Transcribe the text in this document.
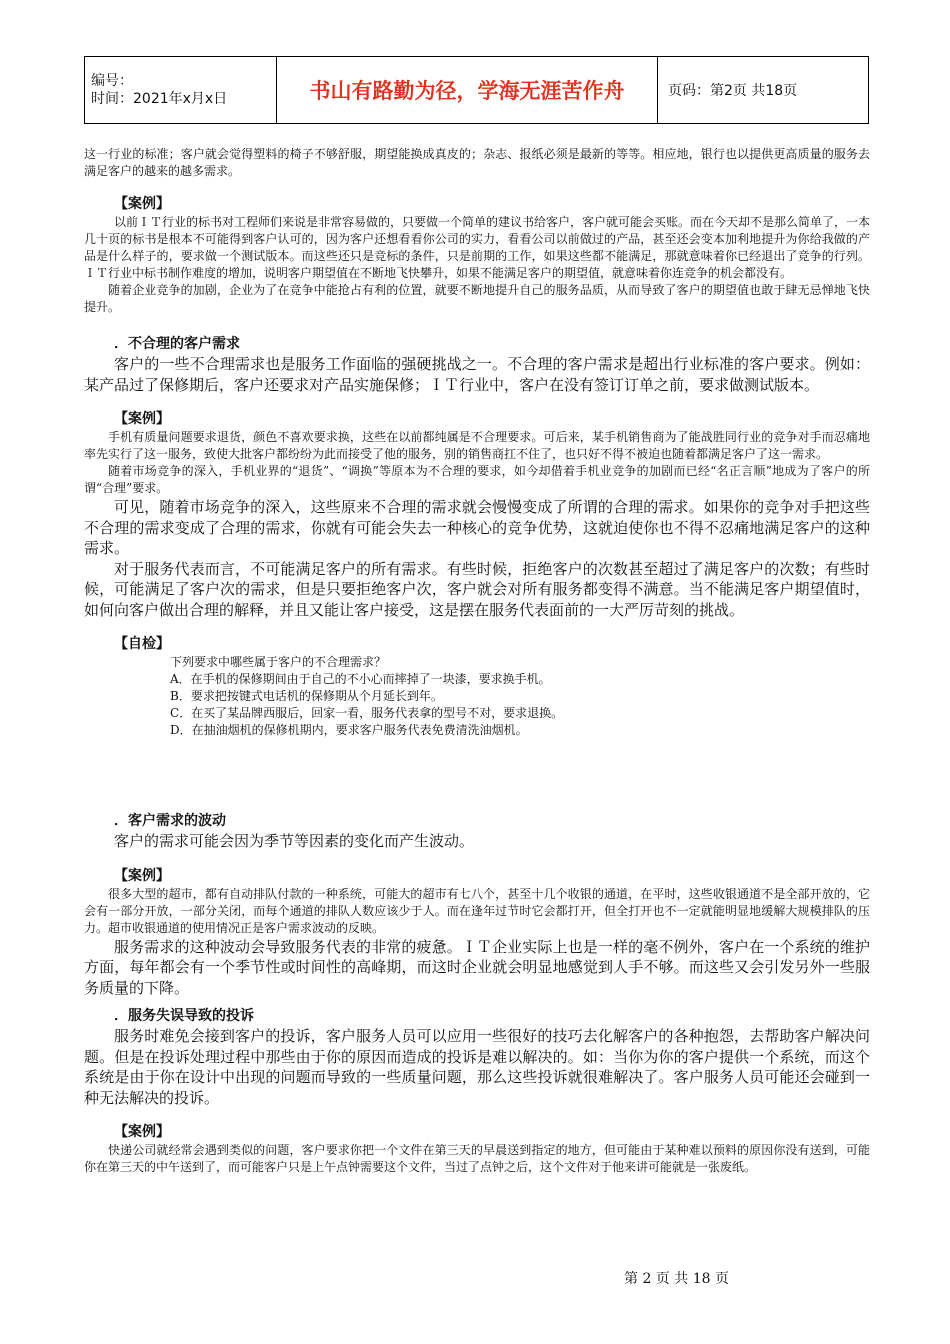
编号：
时间：2021年x月x日	书山有路勤为径，学海无涯苦作舟	页码：第2页 共18页

这一行业的标准；客户就会觉得塑料的椅子不够舒服，期望能换成真皮的；杂志、报纸必须是最新的等等。相应地，银行也以提供更高质量的服务去满足客户的越来的越多需求。

【案例】

以前ＩＴ行业的标书对工程师们来说是非常容易做的，只要做一个简单的建议书给客户，客户就可能会买账。而在今天却不是那么简单了，一本几十页的标书是根本不可能得到客户认可的，因为客户还想看看你公司的实力，看看公司以前做过的产品，甚至还会变本加利地提升为你给我做的产品是什么样子的，要求做一个测试版本。而这些还只是竞标的条件，只是前期的工作，如果这些都不能满足，那就意味着你已经退出了竞争的行列。ＩＴ行业中标书制作难度的增加，说明客户期望值在不断地飞快攀升，如果不能满足客户的期望值，就意味着你连竞争的机会都没有。

随着企业竞争的加剧，企业为了在竞争中能抢占有利的位置，就要不断地提升自己的服务品质，从而导致了客户的期望值也敢于肆无忌惮地飞快提升。

．不合理的客户需求

客户的一些不合理需求也是服务工作面临的强硬挑战之一。不合理的客户需求是超出行业标准的客户要求。例如：某产品过了保修期后，客户还要求对产品实施保修；ＩＴ行业中，客户在没有签订订单之前，要求做测试版本。

【案例】

手机有质量问题要求退货，颜色不喜欢要求换，这些在以前都纯属是不合理要求。可后来，某手机销售商为了能战胜同行业的竞争对手而忍痛地率先实行了这一服务，致使大批客户都纷纷为此而接受了他的服务，别的销售商扛不住了，也只好不得不被迫也随着都满足客户了这一需求。

随着市场竞争的深入，手机业界的“退货”、“调换”等原本为不合理的要求，如今却借着手机业竞争的加剧而已经“名正言顺”地成为了客户的所谓“合理”要求。

可见，随着市场竞争的深入，这些原来不合理的需求就会慢慢变成了所谓的合理的需求。如果你的竞争对手把这些不合理的需求变成了合理的需求，你就有可能会失去一种核心的竞争优势，这就迫使你也不得不忍痛地满足客户的这种需求。

对于服务代表而言，不可能满足客户的所有需求。有些时候，拒绝客户的次数甚至超过了满足客户的次数；有些时候，可能满足了客户次的需求，但是只要拒绝客户次，客户就会对所有服务都变得不满意。当不能满足客户期望值时，如何向客户做出合理的解释，并且又能让客户接受，这是摆在服务代表面前的一大严厉苛刻的挑战。

【自检】

下列要求中哪些属于客户的不合理需求？

A．在手机的保修期间由于自己的不小心而摔掉了一块漆，要求换手机。

B．要求把按键式电话机的保修期从个月延长到年。

C．在买了某品牌西服后，回家一看，服务代表拿的型号不对，要求退换。

D．在抽油烟机的保修机期内，要求客户服务代表免费清洗油烟机。

．客户需求的波动

客户的需求可能会因为季节等因素的变化而产生波动。

【案例】

很多大型的超市，都有自动排队付款的一种系统，可能大的超市有七八个，甚至十几个收银的通道，在平时，这些收银通道不是全部开放的，它会有一部分开放，一部分关闭，而每个通道的排队人数应该少于人。而在逢年过节时它会都打开，但全打开也不一定就能明显地缓解大规模排队的压力。超市收银通道的使用情况正是客户需求波动的反映。

服务需求的这种波动会导致服务代表的非常的疲惫。ＩＴ企业实际上也是一样的毫不例外，客户在一个系统的维护方面，每年都会有一个季节性或时间性的高峰期，而这时企业就会明显地感觉到人手不够。而这些又会引发另外一些服务质量的下降。

．服务失误导致的投诉

服务时难免会接到客户的投诉，客户服务人员可以应用一些很好的技巧去化解客户的各种抱怨，去帮助客户解决问题。但是在投诉处理过程中那些由于你的原因而造成的投诉是难以解决的。如：当你为你的客户提供一个系统，而这个系统是由于你在设计中出现的问题而导致的一些质量问题，那么这些投诉就很难解决了。客户服务人员可能还会碰到一种无法解决的投诉。

【案例】

快递公司就经常会遇到类似的问题，客户要求你把一个文件在第三天的早晨送到指定的地方，但可能由于某种难以预料的原因你没有送到，可能你在第三天的中午送到了，而可能客户只是上午点钟需要这个文件，当过了点钟之后，这个文件对于他来讲可能就是一张废纸。

第 2 页 共 18 页
